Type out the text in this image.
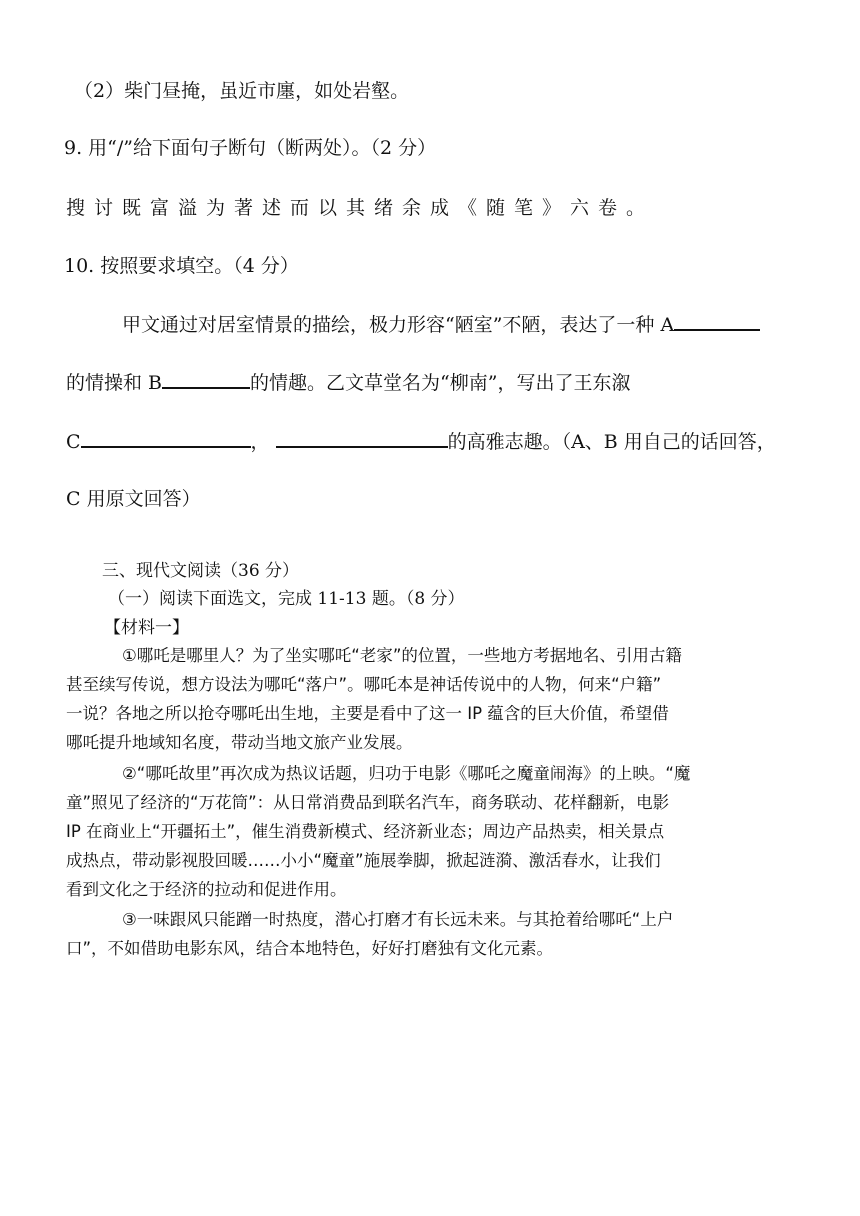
（2）柴门昼掩，虽近市廛，如处岩壑。
9. 用“/”给下面句子断句（断两处）。（2 分）
搜讨既富溢为著述而以其绪余成《随笔》六卷。
10. 按照要求填空。（4 分）
甲文通过对居室情景的描绘，极力形容“陋室”不陋，表达了一种 A
的情操和 B	的情趣。乙文草堂名为“柳南”，写出了王东溆
C	，	的高雅志趣。（A、B 用自己的话回答，
C 用原文回答）
三、现代文阅读（36 分）
（一）阅读下面选文，完成 11-13 题。（8 分）
【材料一】
①哪吒是哪里人？为了坐实哪吒“老家”的位置，一些地方考据地名、引用古籍
甚至续写传说，想方设法为哪吒“落户”。哪吒本是神话传说中的人物，何来“户籍”
一说？各地之所以抢夺哪吒出生地，主要是看中了这一 IP 蕴含的巨大价值，希望借
哪吒提升地域知名度，带动当地文旅产业发展。
②“哪吒故里”再次成为热议话题，归功于电影《哪吒之魔童闹海》的上映。“魔
童”照见了经济的“万花筒”：从日常消费品到联名汽车，商务联动、花样翻新，电影
IP 在商业上“开疆拓土”，催生消费新模式、经济新业态；周边产品热卖，相关景点
成热点，带动影视股回暖……小小“魔童”施展拳脚，掀起涟漪、激活春水，让我们
看到文化之于经济的拉动和促进作用。
③一味跟风只能蹭一时热度，潜心打磨才有长远未来。与其抢着给哪吒“上户
口”，不如借助电影东风，结合本地特色，好好打磨独有文化元素。
